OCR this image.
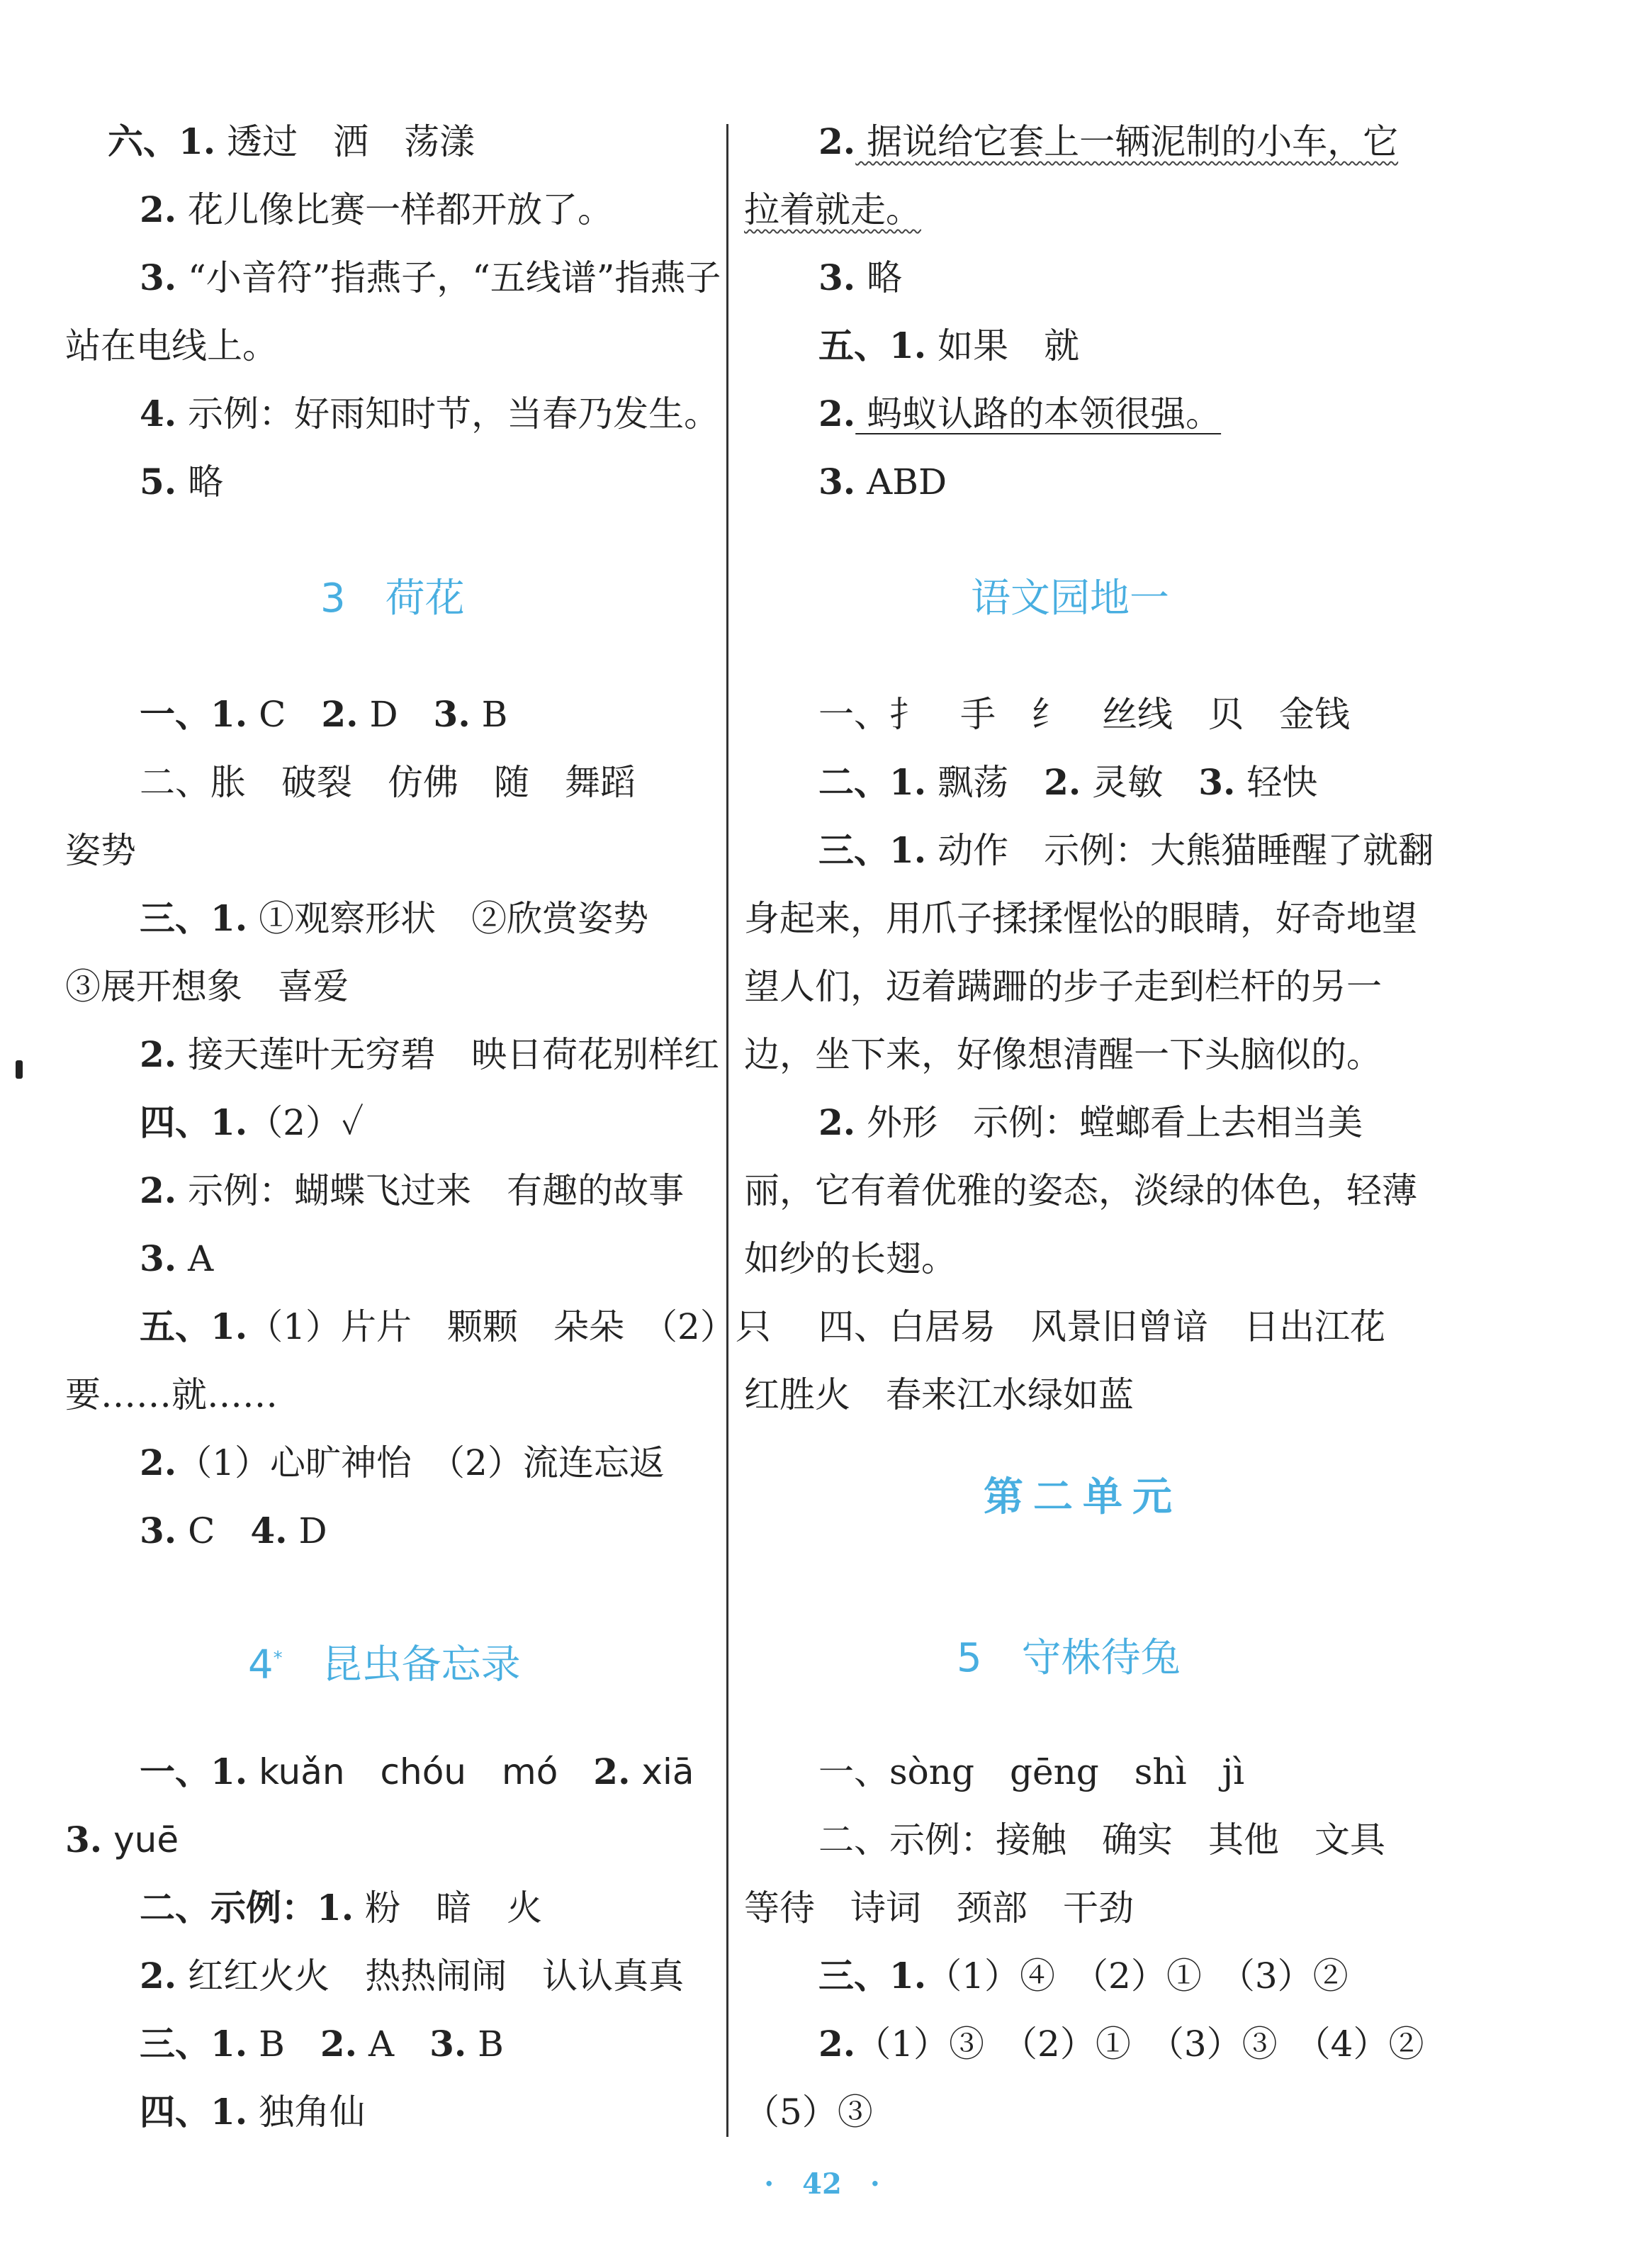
六、1. 透过　洒　荡漾
2. 花儿像比赛一样都开放了。
3. “小音符”指燕子，“五线谱”指燕子
站在电线上。
4. 示例：好雨知时节，当春乃发生。
5. 略
3　荷花
一、1. C　2. D　3. B
二、胀　破裂　仿佛　随　舞蹈
姿势
三、1. ①观察形状　②欣赏姿势
③展开想象　喜爱
2. 接天莲叶无穷碧　映日荷花别样红
四、1.（2）✓
2. 示例：蝴蝶飞过来　有趣的故事
3. A
五、1.（1）片片　颗颗　朵朵　（2）只
要……就……
2.（1）心旷神怡　（2）流连忘返
3. C　4. D
4*　 昆虫备忘录
一、1. kuǎn　chóu　mó　2. xiā
3. yuē
二、示例：1. 粉　暗　火
2. 红红火火　热热闹闹　认认真真
三、1. B　2. A　3. B
四、1. 独角仙
2. 据说给它套上一辆泥制的小车，它
拉着就走。
3. 略
五、1. 如果　就
2. 蚂蚁认路的本领很强。
3. ABD
语文园地一
一、扌　手　纟　丝线　贝　金钱
二、1. 飘荡　2. 灵敏　3. 轻快
三、1. 动作　示例：大熊猫睡醒了就翻
身起来，用爪子揉揉惺忪的眼睛，好奇地望
望人们，迈着蹒跚的步子走到栏杆的另一
边，坐下来，好像想清醒一下头脑似的。
2. 外形　示例：螳螂看上去相当美
丽，它有着优雅的姿态，淡绿的体色，轻薄
如纱的长翅。
四、白居易　风景旧曾谙　日出江花
红胜火　春来江水绿如蓝
第二单元
5　守株待兔
一、sòng　gēng　shì　jì
二、示例：接触　确实　其他　文具
等待　诗词　颈部　干劲
三、1.（1）④　（2）①　（3）②
2.（1）③　（2）①　（3）③　（4）②
（5）③
·　42　·
